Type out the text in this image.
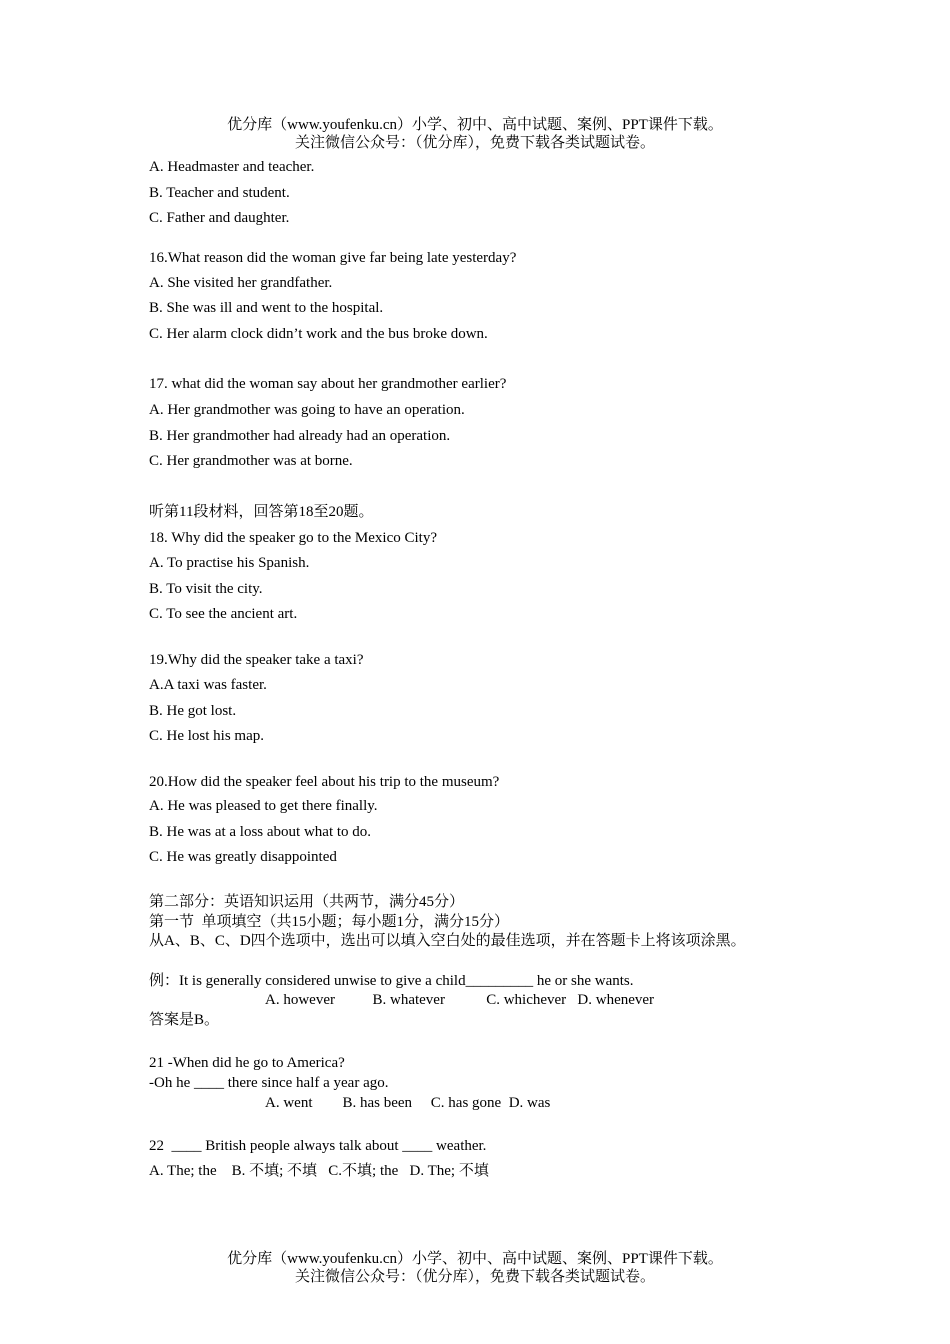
优分库（www.youfenku.cn）小学、初中、高中试题、案例、PPT课件下载。
关注微信公众号：（优分库），免费下载各类试题试卷。
A. Headmaster and teacher.
B. Teacher and student.
C. Father and daughter.
16.What reason did the woman give far being late yesterday?
A. She visited her grandfather.
B. She was ill and went to the hospital.
C. Her alarm clock didn’t work and the bus broke down.
17. what did the woman say about her grandmother earlier?
A. Her grandmother was going to have an operation.
B. Her grandmother had already had an operation.
C. Her grandmother was at borne.
听第11段材料，回答第18至20题。
18. Why did the speaker go to the Mexico City?
A. To practise his Spanish.
B. To visit the city.
C. To see the ancient art.
19.Why did the speaker take a taxi?
A.A taxi was faster.
B. He got lost.
C. He lost his map.
20.How did the speaker feel about his trip to the museum?
A. He was pleased to get there finally.
B. He was at a loss about what to do.
C. He was greatly disappointed
第二部分：英语知识运用（共两节，满分45分）
第一节  单项填空（共15小题；每小题1分，满分15分）
从A、B、C、D四个选项中，选出可以填入空白处的最佳选项，并在答题卡上将该项涂黑。
例：It is generally considered unwise to give a child_________ he or she wants.
A. however          B. whatever           C. whichever   D. whenever
答案是B。
21 -When did he go to America?
-Oh he ____ there since half a year ago.
A. went        B. has been     C. has gone  D. was
22  ____ British people always talk about ____ weather.
A. The; the    B. 不填; 不填   C.不填; the   D. The; 不填
优分库（www.youfenku.cn）小学、初中、高中试题、案例、PPT课件下载。
关注微信公众号：（优分库），免费下载各类试题试卷。
